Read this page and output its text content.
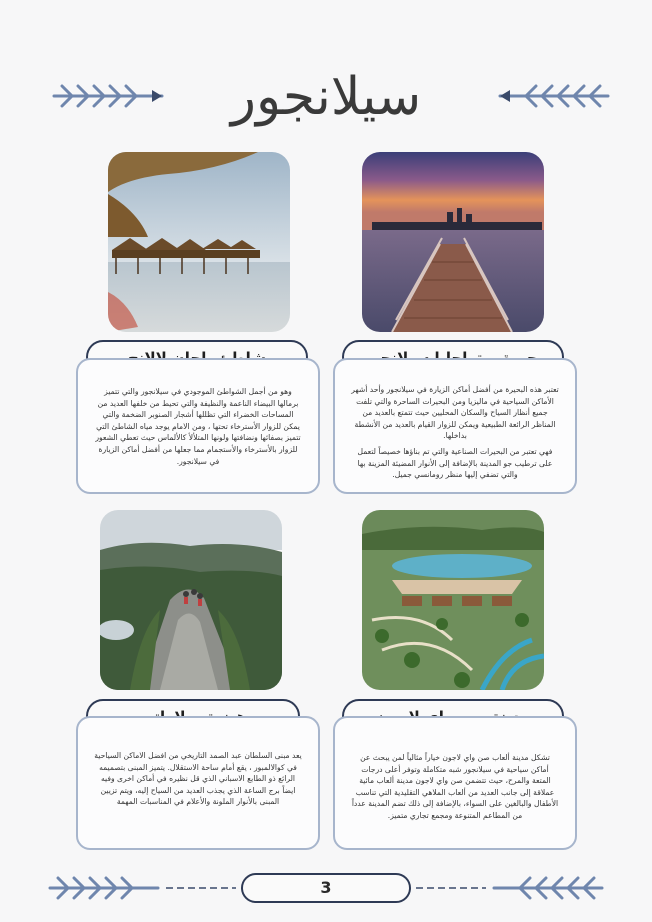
سيلانجور

وهو من أجمل الشواطئ الموجودي في سيلانجور والتي تتميز برمالها البيضاء الناعمة والنظيفة والتي تحيط من خلفها العديد من المساحات الخضراء التي تظللها أشجار الصنوبر الضخمة والتي يمكن للزوار الأسترخاء تحتها ، ومن الامام يوجد مياه الشاطئ التي تتميز بصفائها ونضافتها ولونها المتلألأ كالألماس حيث تعطي الشعور للزوار بالأسترخاء والأستجمام مما جعلها من أفضل أماكن الزيارة في سيلانجور.

تعتبر هذه البحيرة من أفضل أماكن الزيارة في سيلانجور وأحد أشهر الأماكن السياحية في ماليزيا ومن البحيرات الساحرة والتي تلفت جميع أنظار السياح والسكان المحليين حيث تتمتع بالعديد من المناظر الرائعة الطبيعية ويمكن للزوار القيام بالعديد من الأنشطة بداخلها.

فهي تعتبر من البحيرات الصناعية والتي تم بناؤها خصيصاً لتعمل على ترطيب جو المدينة بالإضافة إلى الأنوار المضيئة المزينة بها والتي تضفي إليها منظر رومانسي جميل.

يعد مبنى السلطان عبد الصمد التاريخي من افضل الاماكن السياحية في كوالالمبور ، يقع أمام ساحة الاستقلال. يتميز المبنى بتصميمه الرائع ذو الطابع الاسباني الذي قل نظيره في أماكن اخرى وفيه ايضاً برج الساعة الذي يجذب العديد من السياح إليه، ويتم تزيين المبنى بالأنوار الملونة والأعلام في المناسبات المهمة

تشكل مدينة ألعاب صن واي لاجون خياراً مثالياً لمن يبحث عن أماكن سياحية في سيلانجور شبه متكاملة وتوفر أعلى درجات المتعة والمرح، حيث تتضمن صن واي لاجون مدينة ألعاب مائية عملاقة إلى جانب العديد من ألعاب الملاهي التقليدية التي تناسب الأطفال والبالغين على السواء، بالإضافة إلى ذلك تضم المدينة عدداً من المطاعم المتنوعة ومجمع تجاري متميز.

3
